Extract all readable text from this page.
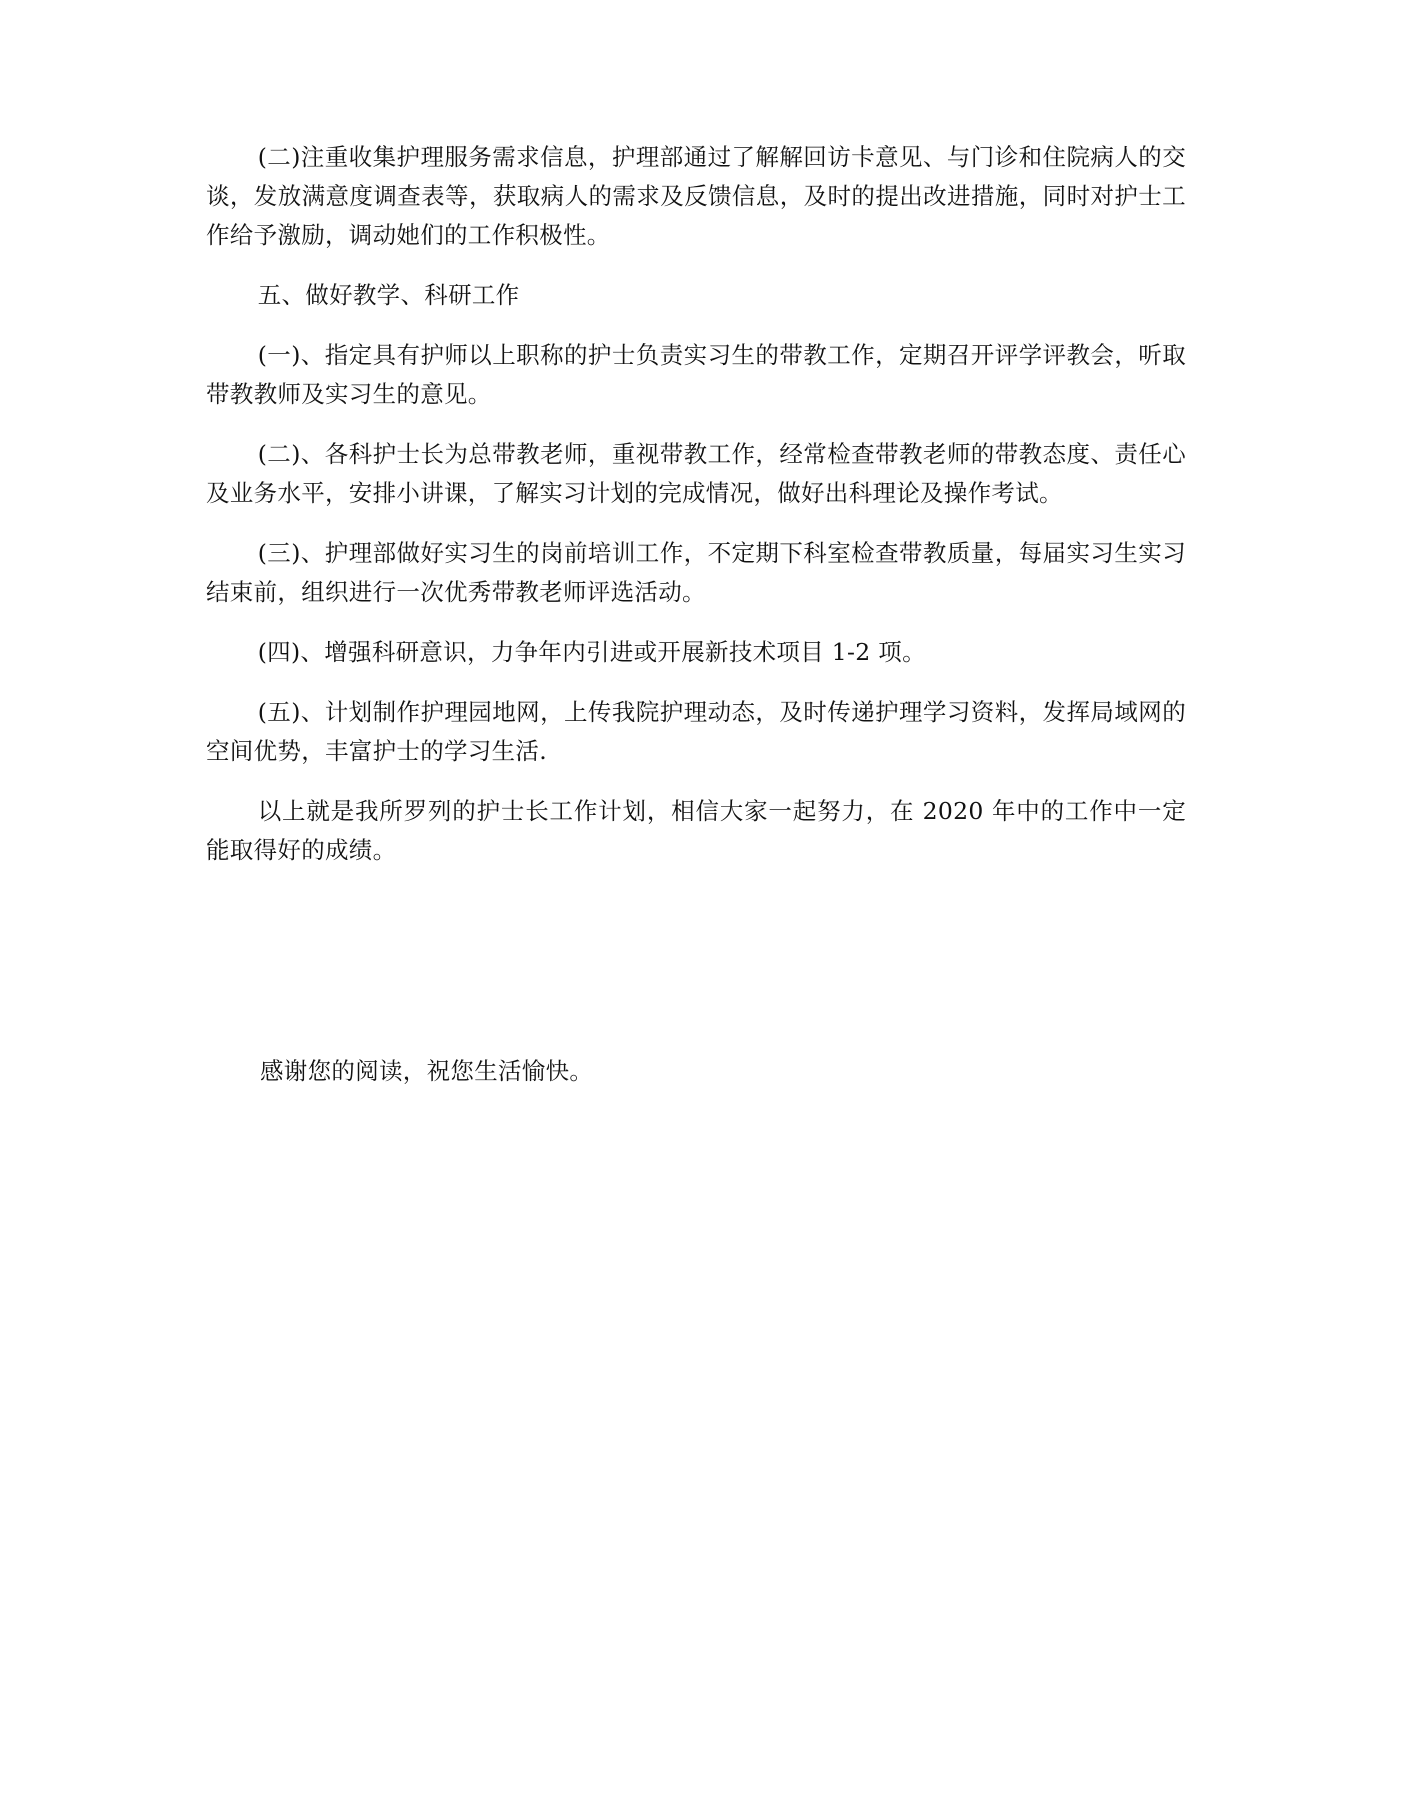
(二)注重收集护理服务需求信息，护理部通过了解解回访卡意见、与门诊和住院病人的交谈，发放满意度调查表等，获取病人的需求及反馈信息，及时的提出改进措施，同时对护士工作给予激励，调动她们的工作积极性。

五、做好教学、科研工作

(一)、指定具有护师以上职称的护士负责实习生的带教工作，定期召开评学评教会，听取带教教师及实习生的意见。

(二)、各科护士长为总带教老师，重视带教工作，经常检查带教老师的带教态度、责任心及业务水平，安排小讲课，了解实习计划的完成情况，做好出科理论及操作考试。

(三)、护理部做好实习生的岗前培训工作，不定期下科室检查带教质量，每届实习生实习结束前，组织进行一次优秀带教老师评选活动。

(四)、增强科研意识，力争年内引进或开展新技术项目 1-2 项。

(五)、计划制作护理园地网，上传我院护理动态，及时传递护理学习资料，发挥局域网的空间优势，丰富护士的学习生活.

以上就是我所罗列的护士长工作计划，相信大家一起努力，在 2020 年中的工作中一定能取得好的成绩。

感谢您的阅读，祝您生活愉快。
